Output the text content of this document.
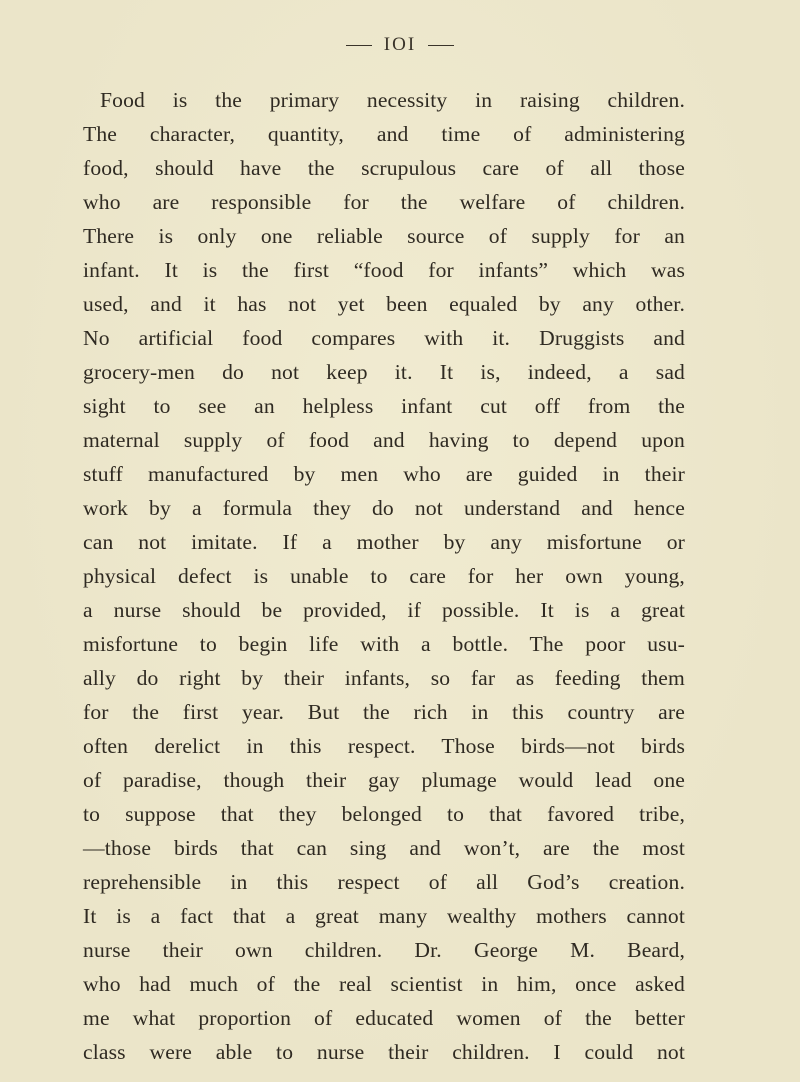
IOI
Food is the primary necessity in raising children.
The character, quantity, and time of administering
food, should have the scrupulous care of all those
who are responsible for the welfare of children.
There is only one reliable source of supply for an
infant. It is the first “food for infants” which was
used, and it has not yet been equaled by any other.
No artificial food compares with it. Druggists and
grocery-men do not keep it. It is, indeed, a sad
sight to see an helpless infant cut off from the
maternal supply of food and having to depend upon
stuff manufactured by men who are guided in their
work by a formula they do not understand and hence
can not imitate. If a mother by any misfortune or
physical defect is unable to care for her own young,
a nurse should be provided, if possible. It is a great
misfortune to begin life with a bottle. The poor usu-
ally do right by their infants, so far as feeding them
for the first year. But the rich in this country are
often derelict in this respect. Those birds—not birds
of paradise, though their gay plumage would lead one
to suppose that they belonged to that favored tribe,
—those birds that can sing and won’t, are the most
reprehensible in this respect of all God’s creation.
It is a fact that a great many wealthy mothers cannot
nurse their own children. Dr. George M. Beard,
who had much of the real scientist in him, once asked
me what proportion of educated women of the better
class were able to nurse their children. I could not
